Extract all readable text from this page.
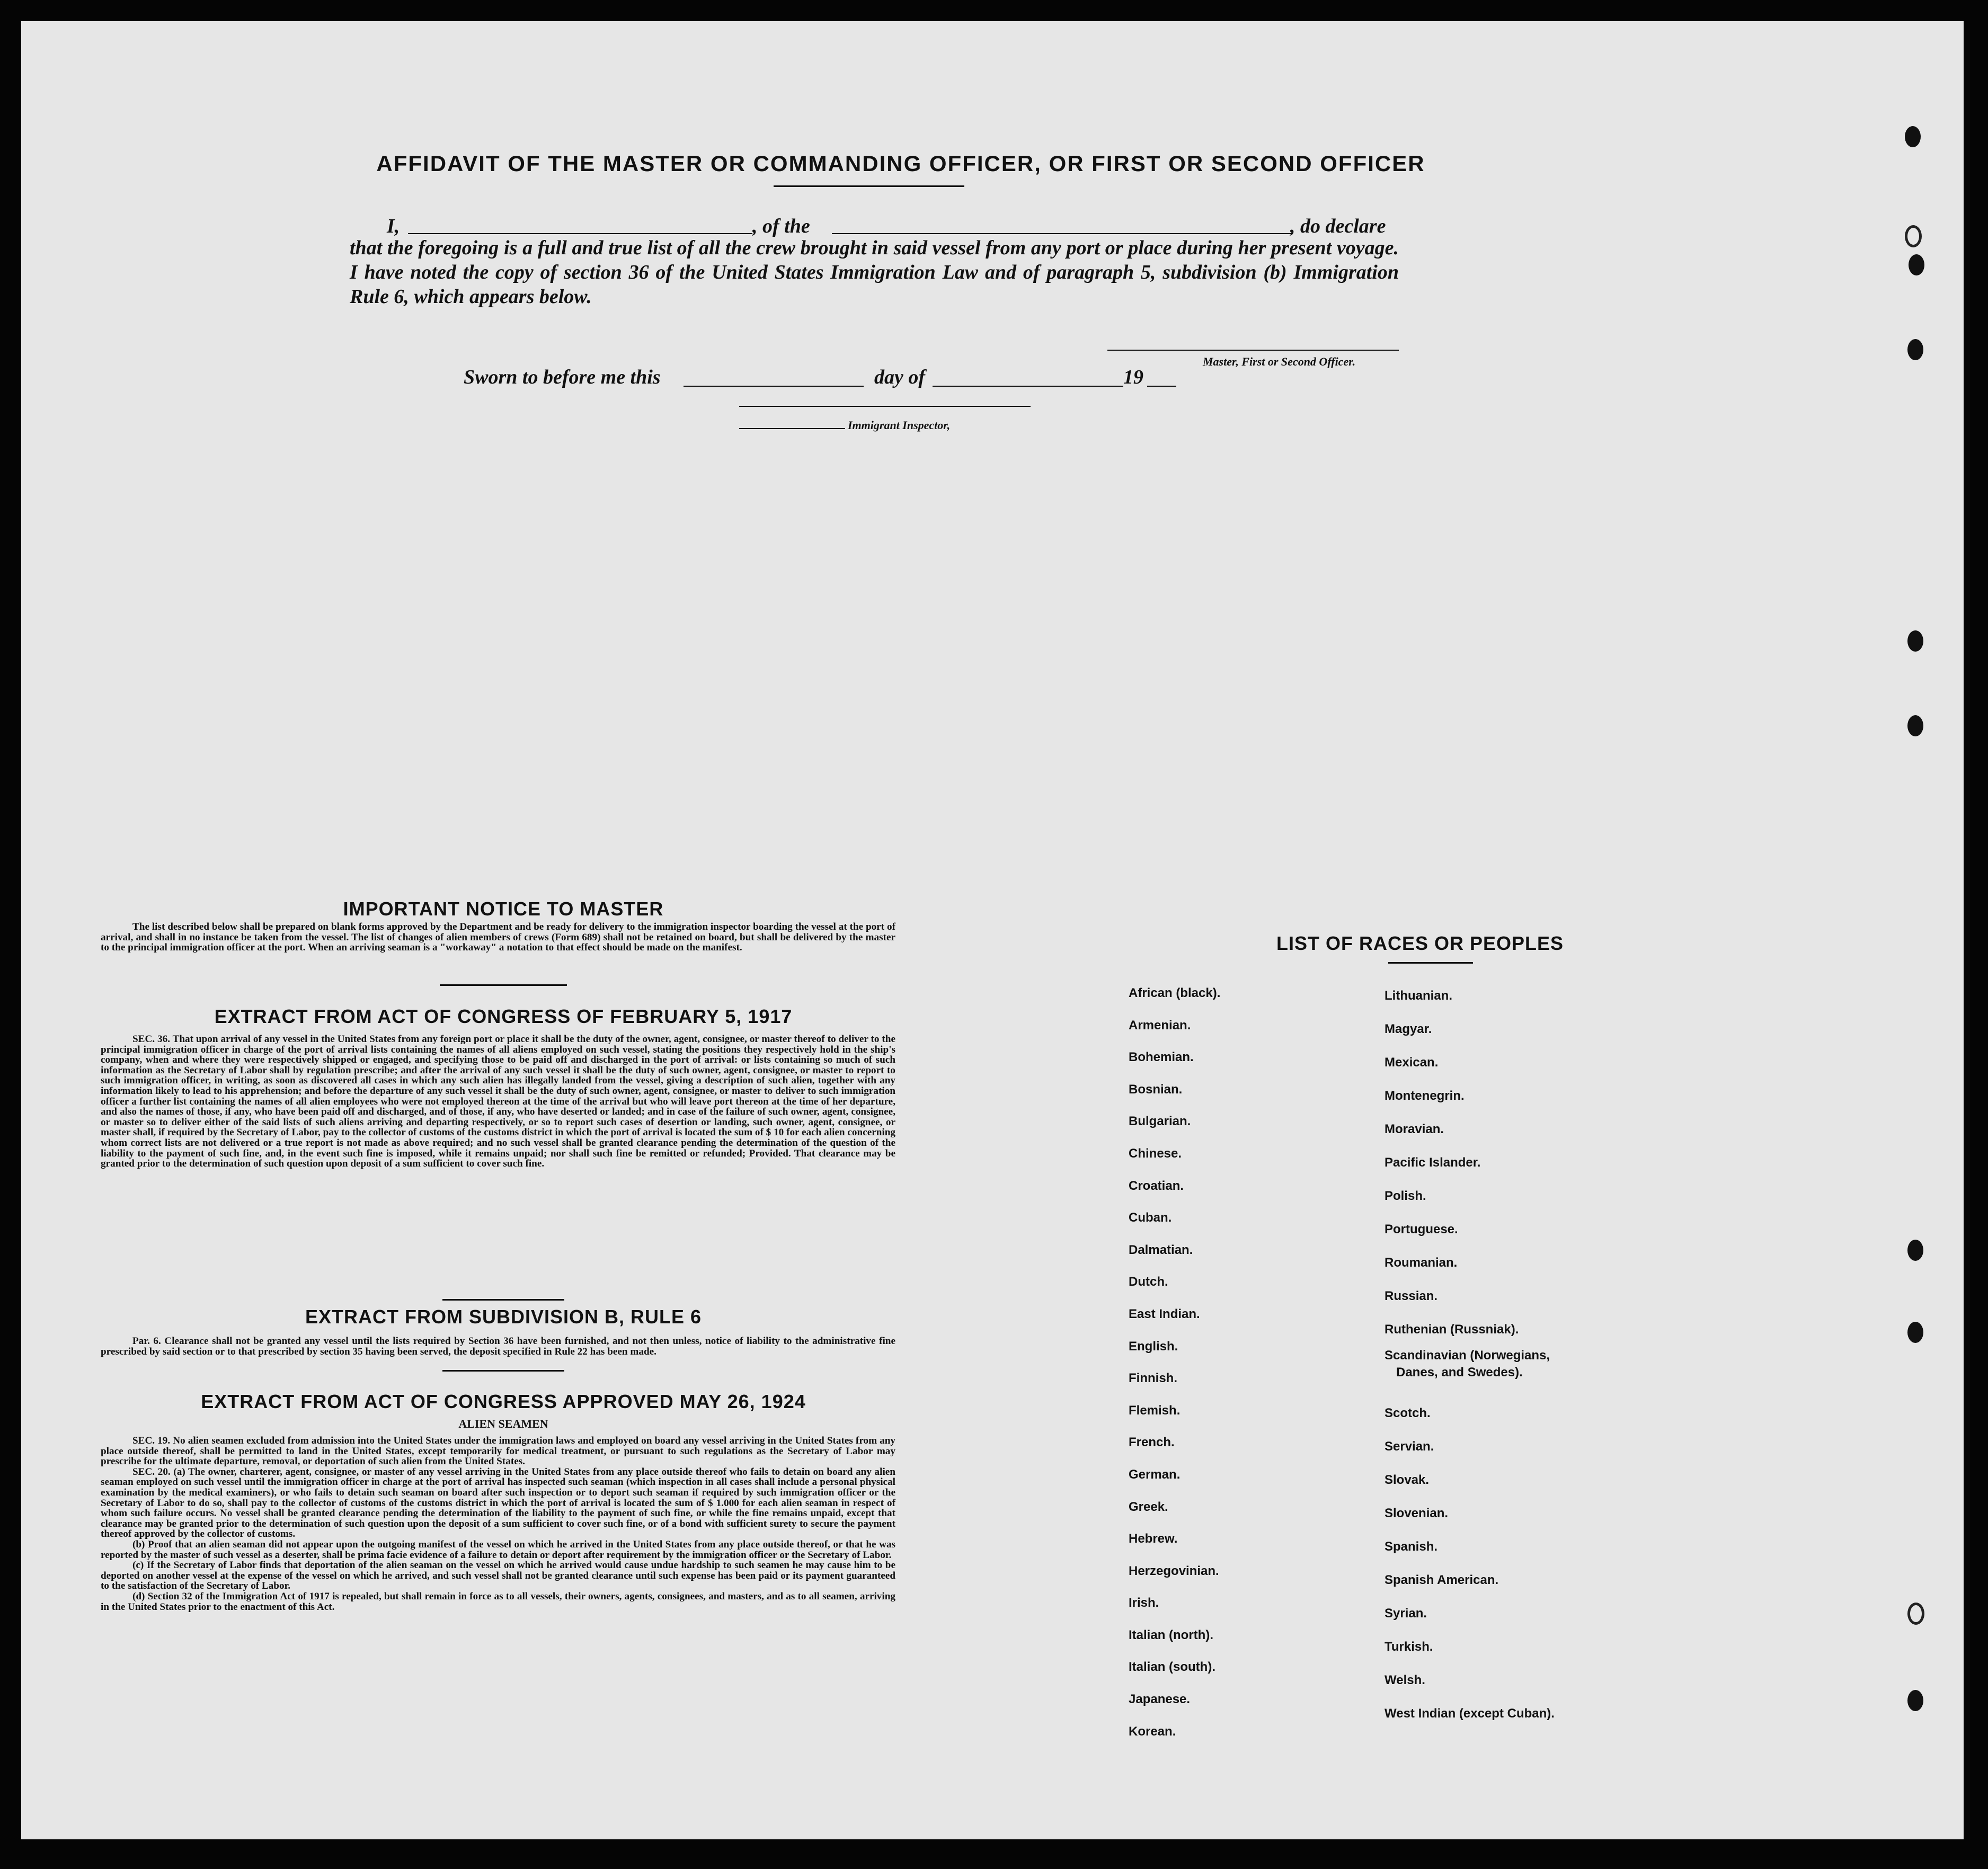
AFFIDAVIT OF THE MASTER OR COMMANDING OFFICER, OR FIRST OR SECOND OFFICER
I,	, of the	, do declare
that the foregoing is a full and true list of all the crew brought in said vessel from any port or place during her present voyage. I have noted the copy of section 36 of the United States Immigration Law and of paragraph 5, subdivision (b) Immigration Rule 6, which appears below.
Master, First or Second Officer.
Sworn to before me this	day of	19
Immigrant Inspector,
IMPORTANT NOTICE TO MASTER

The list described below shall be prepared on blank forms approved by the Department and be ready for delivery to the immigration inspector boarding the vessel at the port of arrival, and shall in no instance be taken from the vessel. The list of changes of alien members of crews (Form 689) shall not be retained on board, but shall be delivered by the master to the principal immigration officer at the port. When an arriving seaman is a "workaway" a notation to that effect should be made on the manifest.

EXTRACT FROM ACT OF CONGRESS OF FEBRUARY 5, 1917

SEC. 36. That upon arrival of any vessel in the United States from any foreign port or place it shall be the duty of the owner, agent, consignee, or master thereof to deliver to the principal immigration officer in charge of the port of arrival lists containing the names of all aliens employed on such vessel, stating the positions they respectively hold in the ship's company, when and where they were respectively shipped or engaged, and specifying those to be paid off and discharged in the port of arrival: or lists containing so much of such information as the Secretary of Labor shall by regulation prescribe; and after the arrival of any such vessel it shall be the duty of such owner, agent, consignee, or master to report to such immigration officer, in writing, as soon as discovered all cases in which any such alien has illegally landed from the vessel, giving a description of such alien, together with any information likely to lead to his apprehension; and before the departure of any such vessel it shall be the duty of such owner, agent, consignee, or master to deliver to such immigration officer a further list containing the names of all alien employees who were not employed thereon at the time of the arrival but who will leave port thereon at the time of her departure, and also the names of those, if any, who have been paid off and discharged, and of those, if any, who have deserted or landed; and in case of the failure of such owner, agent, consignee, or master so to deliver either of the said lists of such aliens arriving and departing respectively, or so to report such cases of desertion or landing, such owner, agent, consignee, or master shall, if required by the Secretary of Labor, pay to the collector of customs of the customs district in which the port of arrival is located the sum of $ 10 for each alien concerning whom correct lists are not delivered or a true report is not made as above required; and no such vessel shall be granted clearance pending the determination of the question of the liability to the payment of such fine, and, in the event such fine is imposed, while it remains unpaid; nor shall such fine be remitted or refunded; Provided. That clearance may be granted prior to the determination of such question upon deposit of a sum sufficient to cover such fine.

EXTRACT FROM SUBDIVISION B, RULE 6

Par. 6. Clearance shall not be granted any vessel until the lists required by Section 36 have been furnished, and not then unless, notice of liability to the administrative fine prescribed by said section or to that prescribed by section 35 having been served, the deposit specified in Rule 22 has been made.

EXTRACT FROM ACT OF CONGRESS APPROVED MAY 26, 1924
ALIEN SEAMEN

SEC. 19. No alien seamen excluded from admission into the United States under the immigration laws and employed on board any vessel arriving in the United States from any place outside thereof, shall be permitted to land in the United States, except temporarily for medical treatment, or pursuant to such regulations as the Secretary of Labor may prescribe for the ultimate departure, removal, or deportation of such alien from the United States.

SEC. 20. (a) The owner, charterer, agent, consignee, or master of any vessel arriving in the United States from any place outside thereof who fails to detain on board any alien seaman employed on such vessel until the immigration officer in charge at the port of arrival has inspected such seaman (which inspection in all cases shall include a personal physical examination by the medical examiners), or who fails to detain such seaman on board after such inspection or to deport such seaman if required by such immigration officer or the Secretary of Labor to do so, shall pay to the collector of customs of the customs district in which the port of arrival is located the sum of $ 1.000 for each alien seaman in respect of whom such failure occurs. No vessel shall be granted clearance pending the determination of the liability to the payment of such fine, or while the fine remains unpaid, except that clearance may be granted prior to the determination of such question upon the deposit of a sum sufficient to cover such fine, or of a bond with sufficient surety to secure the payment thereof approved by the collector of customs.

(b) Proof that an alien seaman did not appear upon the outgoing manifest of the vessel on which he arrived in the United States from any place outside thereof, or that he was reported by the master of such vessel as a deserter, shall be prima facie evidence of a failure to detain or deport after requirement by the immigration officer or the Secretary of Labor.

(c) If the Secretary of Labor finds that deportation of the alien seaman on the vessel on which he arrived would cause undue hardship to such seamen he may cause him to be deported on another vessel at the expense of the vessel on which he arrived, and such vessel shall not be granted clearance until such expense has been paid or its payment guaranteed to the satisfaction of the Secretary of Labor.

(d) Section 32 of the Immigration Act of 1917 is repealed, but shall remain in force as to all vessels, their owners, agents, consignees, and masters, and as to all seamen, arriving in the United States prior to the enactment of this Act.

LIST OF RACES OR PEOPLES
African (black).
Armenian.
Bohemian.
Bosnian.
Bulgarian.
Chinese.
Croatian.
Cuban.
Dalmatian.
Dutch.
East Indian.
English.
Finnish.
Flemish.
French.
German.
Greek.
Hebrew.
Herzegovinian.
Irish.
Italian (north).
Italian (south).
Japanese.
Korean.
Lithuanian.
Magyar.
Mexican.
Montenegrin.
Moravian.
Pacific Islander.
Polish.
Portuguese.
Roumanian.
Russian.
Ruthenian (Russniak).
Scandinavian (Norwegians,
Danes, and Swedes).
Scotch.
Servian.
Slovak.
Slovenian.
Spanish.
Spanish American.
Syrian.
Turkish.
Welsh.
West Indian (except Cuban).
